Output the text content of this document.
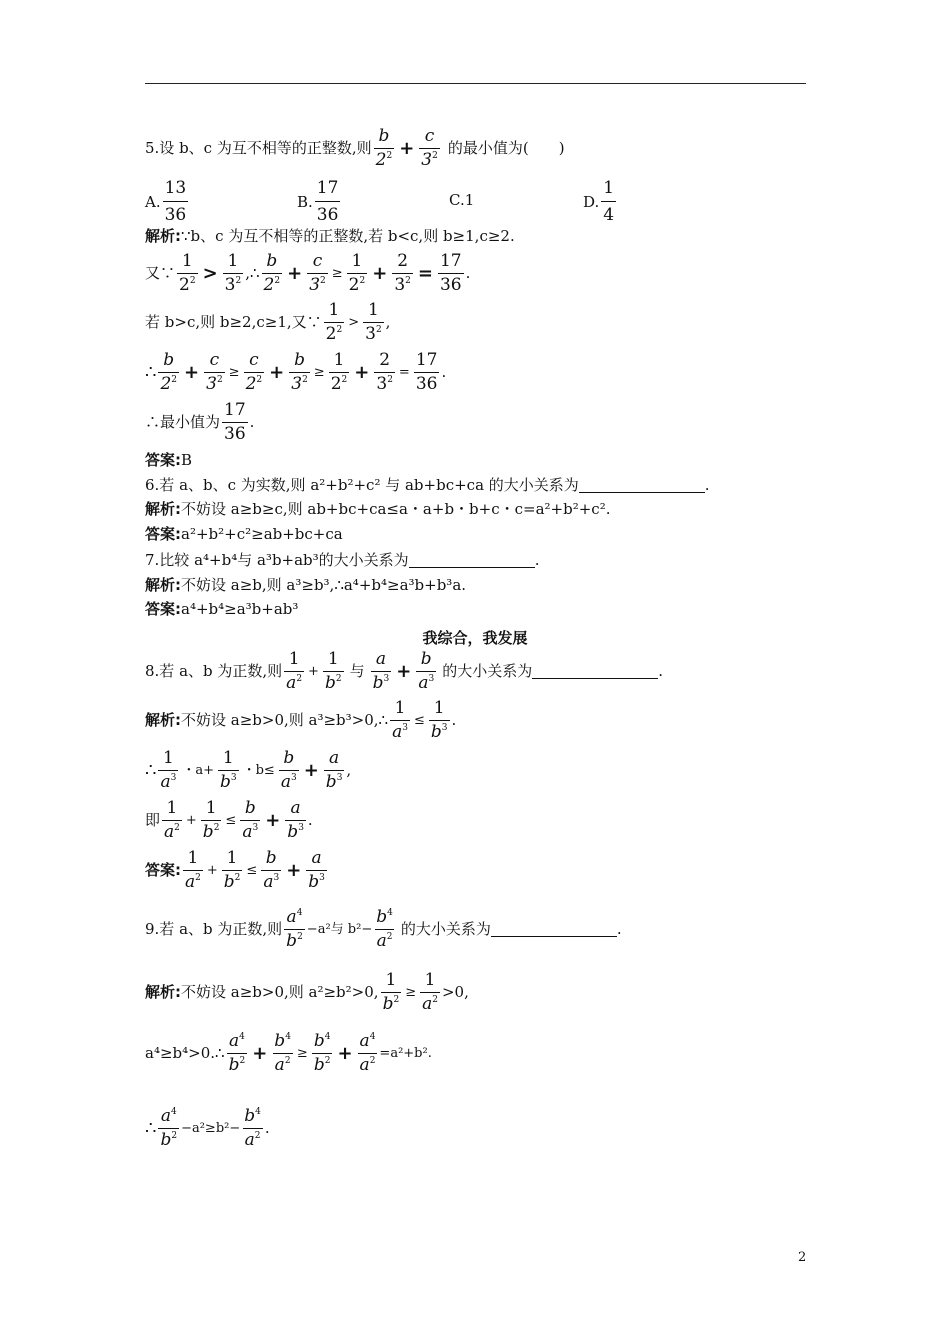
5.设 b、c 为互不相等的正整数,则 $\frac{b}{2^2} + \frac{c}{3^2}$ 的最小值为(　　)
A. $\frac{13}{36}$	B. $\frac{17}{36}$	C.1	D. $\frac{1}{4}$
解析: ∵b、c 为互不相等的正整数,若 b<c,则 b≥1,c≥2.
又∵ $\frac{1}{2^2} > \frac{1}{3^2}$ ,∴ $\frac{b}{2^2} + \frac{c}{3^2} \ge \frac{1}{2^2} + \frac{2}{3^2} = \frac{17}{36}$ .
若 b>c,则 b≥2,c≥1,又∵ $\frac{1}{2^2} > \frac{1}{3^2}$ ,
∴ $\frac{b}{2^2} + \frac{c}{3^2} \ge \frac{c}{2^2} + \frac{b}{3^2} \ge \frac{1}{2^2} + \frac{2}{3^2} = \frac{17}{36}$ .
∴最小值为 $\frac{17}{36}$ .
答案: B
6.若 a、b、c 为实数,则 a²+b²+c² 与 ab+bc+ca 的大小关系为	.
解析: 不妨设 a≥b≥c,则 ab+bc+ca≤a・a+b・b+c・c=a²+b²+c².
答案: a²+b²+c²≥ab+bc+ca
7.比较 a⁴+b⁴与 a³b+ab³的大小关系为	.
解析: 不妨设 a≥b,则 a³≥b³,∴a⁴+b⁴≥a³b+b³a.
答案: a⁴+b⁴≥a³b+ab³
我综合，我发展
8.若 a、b 为正数,则 $\frac{1}{a^2} + \frac{1}{b^2}$ 与 $\frac{a}{b^3} + \frac{b}{a^3}$ 的大小关系为	.
解析: 不妨设 a≥b>0,则 a³≥b³>0,∴ $\frac{1}{a^3} \le \frac{1}{b^3}$ .
∴ $\frac{1}{a^3}$ ・$a+ \frac{1}{b^3}$ ・$b\le \frac{b}{a^3} + \frac{a}{b^3}$ ,
即 $\frac{1}{a^2} + \frac{1}{b^2} \le \frac{b}{a^3} + \frac{a}{b^3}$ .
答案: $\frac{1}{a^2} + \frac{1}{b^2} \le \frac{b}{a^3} + \frac{a}{b^3}$
9.若 a、b 为正数,则 $\frac{a^4}{b^2} -a^2$与 $b^2- \frac{b^4}{a^2}$ 的大小关系为	.
解析: 不妨设 a≥b>0,则 a²≥b²>0, $\frac{1}{b^2} \ge \frac{1}{a^2} >0$,
a⁴≥b⁴>0.∴ $\frac{a^4}{b^2} + \frac{b^4}{a^2} \ge \frac{b^4}{b^2} + \frac{a^4}{a^2} =a^2+b^2$.
∴ $\frac{a^4}{b^2} -a^2\ge b^2- \frac{b^4}{a^2}$ .
2
